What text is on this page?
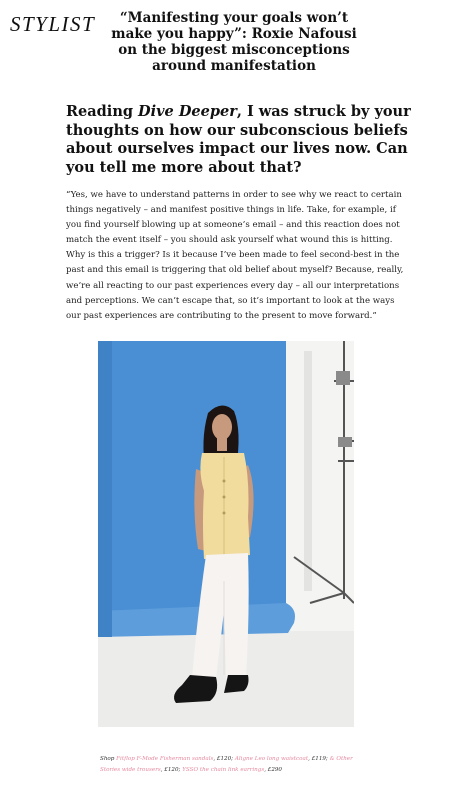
STYLIST	“Manifesting your goals won’t make you happy”: Roxie Nafousi on the biggest misconceptions around manifestation
Reading Dive Deeper, I was struck by your thoughts on how our subconscious beliefs about ourselves impact our lives now. Can you tell me more about that?

“Yes, we have to understand patterns in order to see why we react to certain things negatively – and manifest positive things in life. Take, for example, if you find yourself blowing up at someone’s email – and this reaction does not match the event itself – you should ask yourself what wound this is hitting. Why is this a trigger? Is it because I’ve been made to feel second-best in the past and this email is triggering that old belief about myself? Because, really, we’re all reacting to our past experiences every day – all our interpretations and perceptions. We can’t escape that, so it’s important to look at the ways our past experiences are contributing to the present to move forward.”

Shop Fitflop F-Mode Fisherman sandals, £120; Aligne Leo long waistcoat, £119; & Other Stories wide trousers, £120; YSSO the chain link earrings, £290
